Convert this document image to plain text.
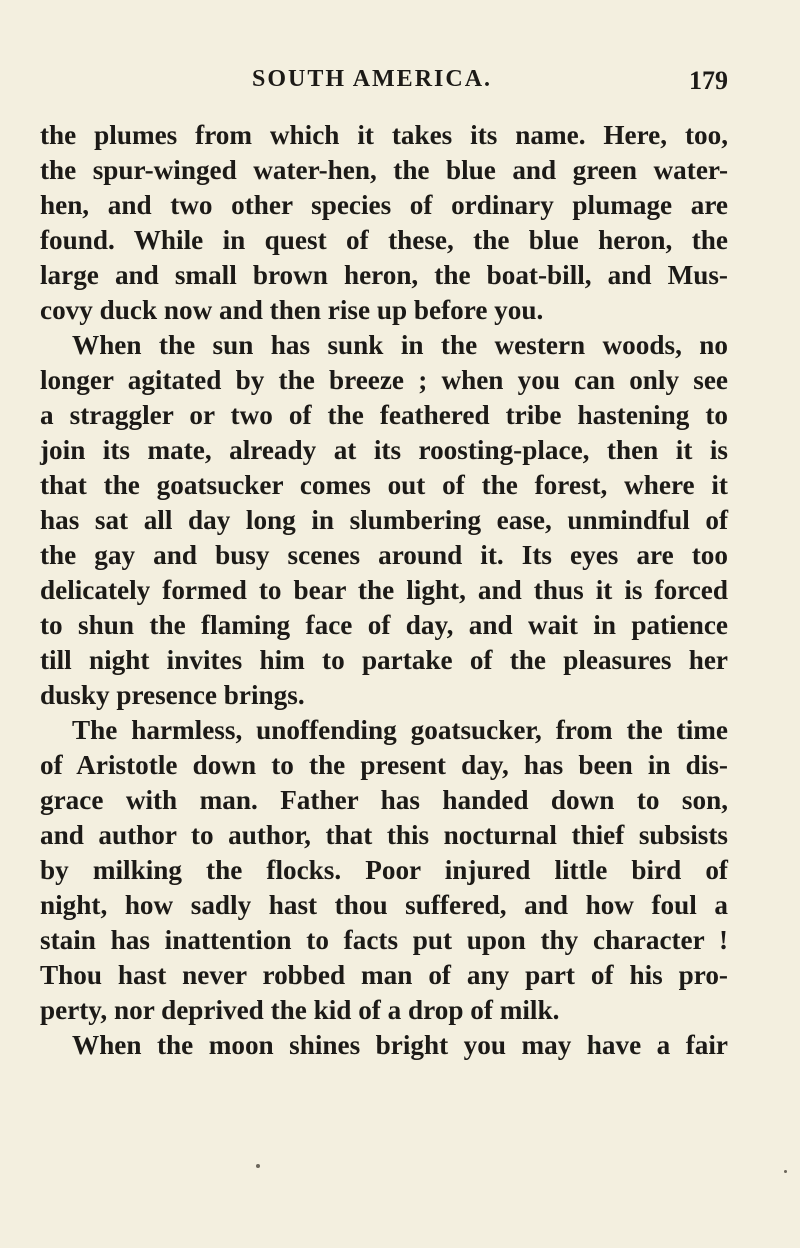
SOUTH AMERICA.	179
the plumes from which it takes its name. Here, too,
the spur-winged water-hen, the blue and green water-
hen, and two other species of ordinary plumage are
found. While in quest of these, the blue heron, the
large and small brown heron, the boat-bill, and Mus-
covy duck now and then rise up before you.
When the sun has sunk in the western woods, no
longer agitated by the breeze ; when you can only see
a straggler or two of the feathered tribe hastening to
join its mate, already at its roosting-place, then it is
that the goatsucker comes out of the forest, where it
has sat all day long in slumbering ease, unmindful of
the gay and busy scenes around it. Its eyes are too
delicately formed to bear the light, and thus it is forced
to shun the flaming face of day, and wait in patience
till night invites him to partake of the pleasures her
dusky presence brings.
The harmless, unoffending goatsucker, from the time
of Aristotle down to the present day, has been in dis-
grace with man. Father has handed down to son,
and author to author, that this nocturnal thief subsists
by milking the flocks. Poor injured little bird of
night, how sadly hast thou suffered, and how foul a
stain has inattention to facts put upon thy character !
Thou hast never robbed man of any part of his pro-
perty, nor deprived the kid of a drop of milk.
When the moon shines bright you may have a fair
